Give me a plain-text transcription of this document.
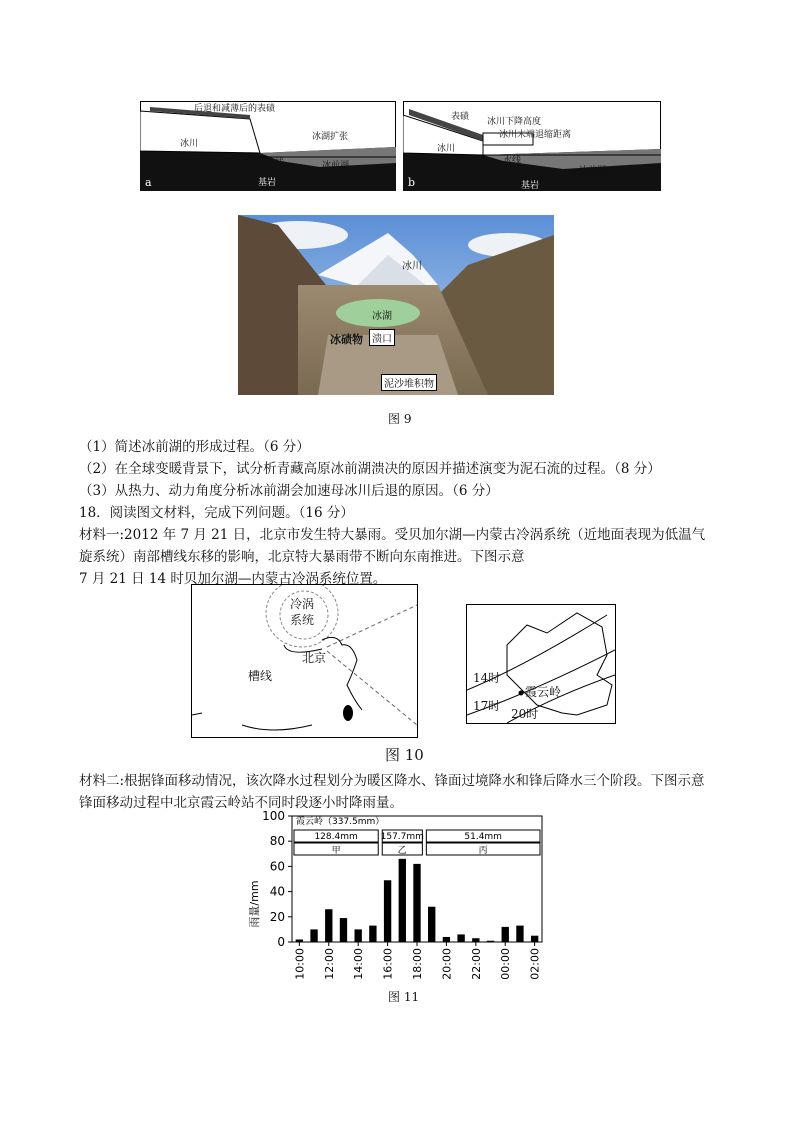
后退和减薄后的表碛
冰川
冰湖扩张
水线	冰前湖
基岩
a
表碛 冰川下降高度
冰川末端退缩距离
冰川
水线
冰前湖
基岩
b
冰川
冰湖
冰碛物 溃口
泥沙堆积物
图 9
（1）简述冰前湖的形成过程。（6 分）
（2）在全球变暖背景下，试分析青藏高原冰前湖溃决的原因并描述演变为泥石流的过程。（8 分）
（3）从热力、动力角度分析冰前湖会加速母冰川后退的原因。（6 分）
18．阅读图文材料，完成下列问题。（16 分）
材料一:2012 年 7 月 21 日，北京市发生特大暴雨。受贝加尔湖—内蒙古冷涡系统（近地面表现为低温气
旋系统）南部槽线东移的影响，北京特大暴雨带不断向东南推进。下图示意
7 月 21 日 14 时贝加尔湖—内蒙古冷涡系统位置。
冷涡
系统
北京
槽线	14时
17时
20时
霞云岭
图 10
材料二:根据锋面移动情况，该次降水过程划分为暖区降水、锋面过境降水和锋后降水三个阶段。下图示意
锋面移动过程中北京霞云岭站不同时段逐小时降雨量。
0
20
40
60
80
100
128.4mm
甲
157.7mm
乙
51.4mm
丙
10:00 12:00 14:00 16:00 18:00 20:00 22:00 00:00 02:00
霞云岭（337.5mm）
雨量/mm
图 11
